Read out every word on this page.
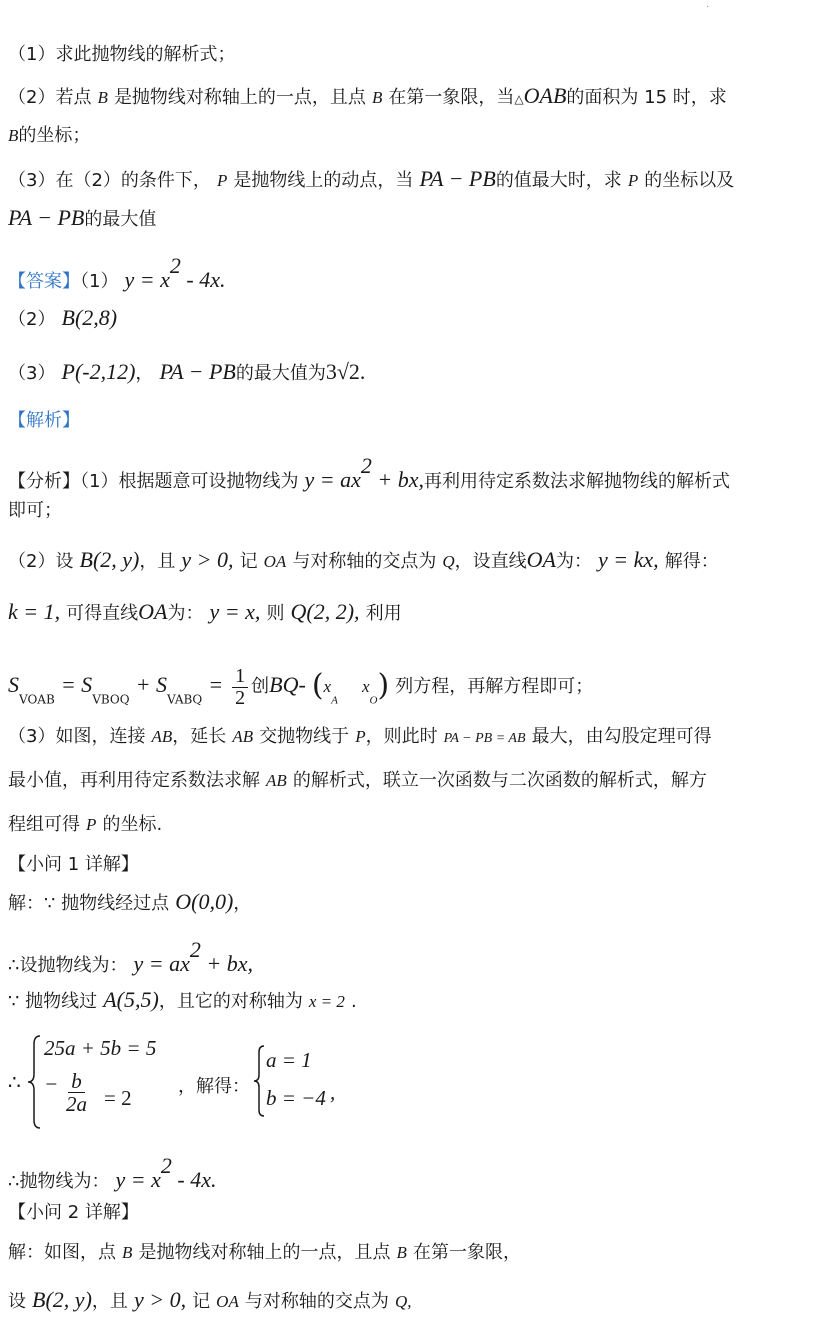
·
（1）求此抛物线的解析式；
（2）若点 B 是抛物线对称轴上的一点，且点 B 在第一象限，当△OAB的面积为 15 时，求
B的坐标；
（3）在（2）的条件下， P 是抛物线上的动点，当 PA − PB的值最大时，求 P 的坐标以及
PA − PB的最大值
【答案】（1） $y = x^2 - 4x$.
（2） B(2,8)
（3） P(-2,12)， PA − PB的最大值为3√2.
【解析】
【分析】（1）根据题意可设抛物线为 $y = ax^2$ + bx,再利用待定系数法求解抛物线的解析式
即可；
（2）设 B(2, y)，且 y > 0, 记 OA 与对称轴的交点为 Q，设直线OA为： y = kx, 解得：
k = 1, 可得直线OA为： y = x, 则 Q(2, 2), 利用
$S_{VOAB} = S_{VBOQ} + S_{VABQ} = \frac{1}{2}$ 创BQ- ($x_A$    $x_O$) 列方程，再解方程即可；
（3）如图，连接 AB，延长 AB 交抛物线于 P，则此时 PA − PB = AB 最大，由勾股定理可得
最小值，再利用待定系数法求解 AB 的解析式，联立一次函数与二次函数的解析式，解方
程组可得 P 的坐标.
【小问 1 详解】
解：∵ 抛物线经过点 O(0,0)，
∴设抛物线为： $y = ax^2$ + bx,
∵ 抛物线过 A(5,5)，且它的对称轴为 x = 2 .
∴
25a + 5b = 5
− $\frac{b}{2a} = 2$	，解得：
a = 1
b = −4 ,
∴抛物线为： $y = x^2 - 4x$.
【小问 2 详解】
解：如图，点 B 是抛物线对称轴上的一点，且点 B 在第一象限，
设 B(2, y)，且 y > 0, 记 OA 与对称轴的交点为 Q,
